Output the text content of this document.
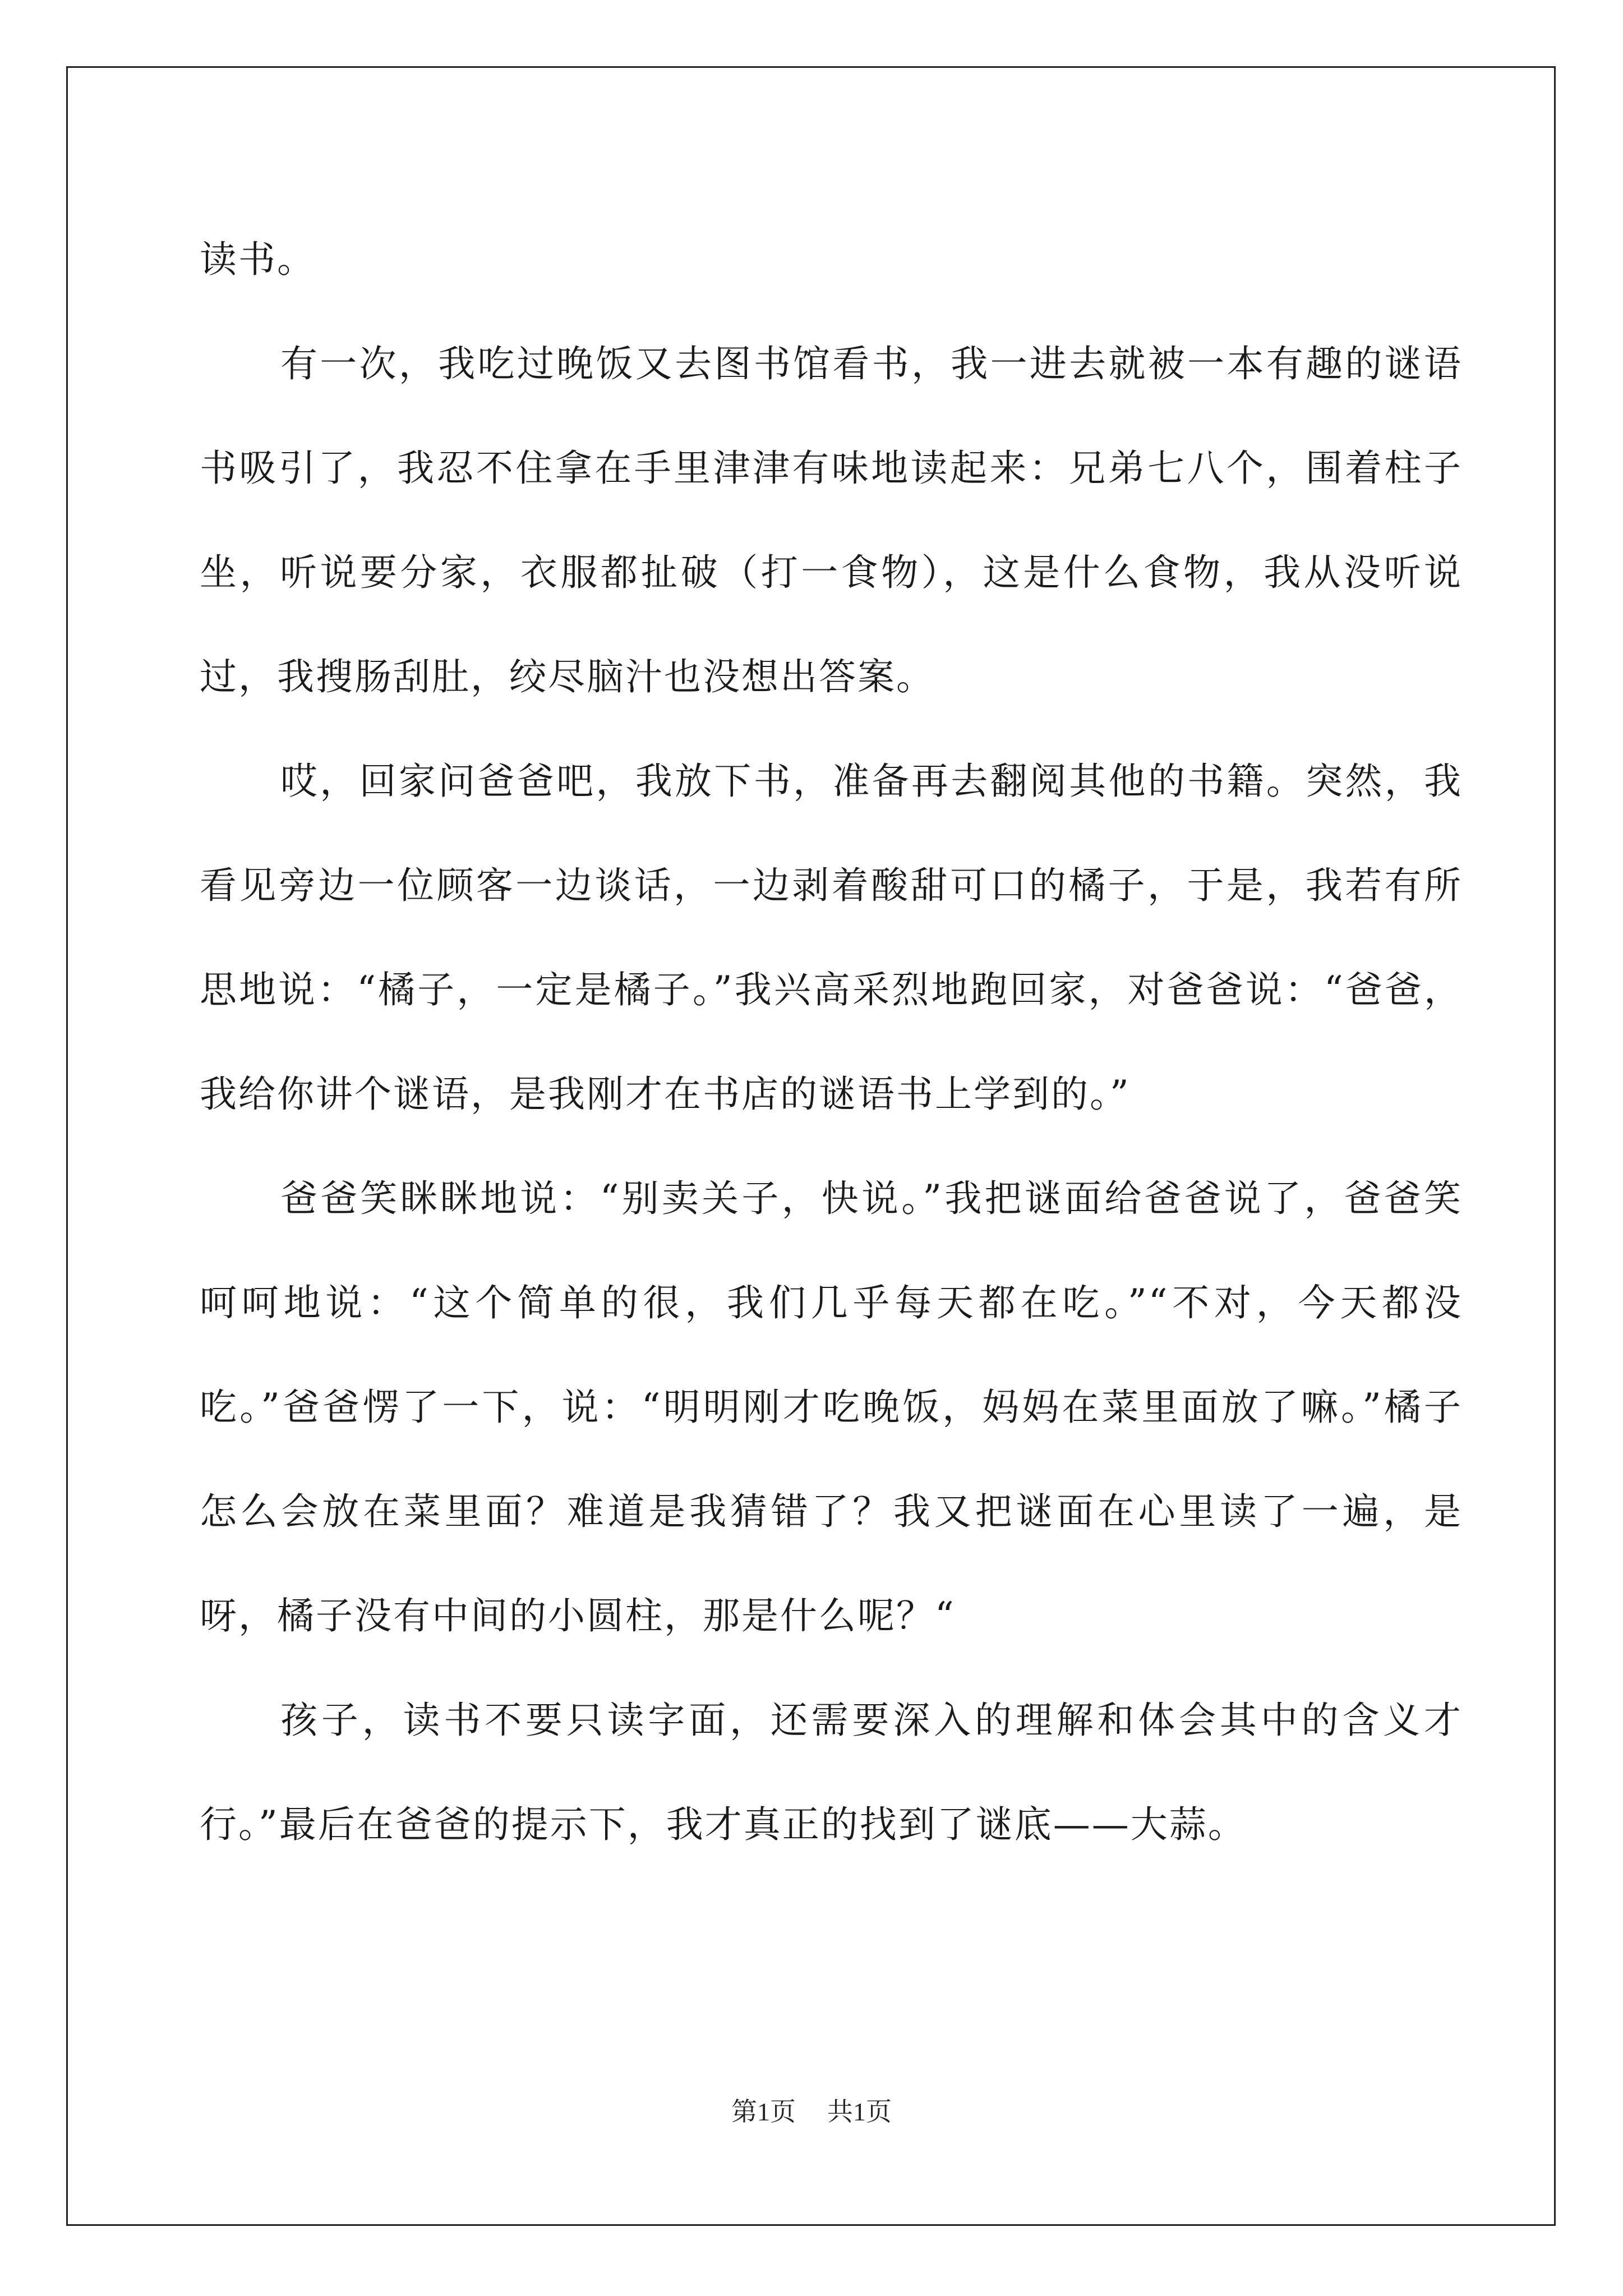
读书。

有一次，我吃过晚饭又去图书馆看书，我一进去就被一本有趣的谜语书吸引了，我忍不住拿在手里津津有味地读起来：兄弟七八个，围着柱子坐，听说要分家，衣服都扯破（打一食物），这是什么食物，我从没听说过，我搜肠刮肚，绞尽脑汁也没想出答案。

哎，回家问爸爸吧，我放下书，准备再去翻阅其他的书籍。突然，我看见旁边一位顾客一边谈话，一边剥着酸甜可口的橘子，于是，我若有所思地说：“橘子，一定是橘子。”我兴高采烈地跑回家，对爸爸说：“爸爸，我给你讲个谜语，是我刚才在书店的谜语书上学到的。”

爸爸笑眯眯地说：“别卖关子，快说。”我把谜面给爸爸说了，爸爸笑呵呵地说：“这个简单的很，我们几乎每天都在吃。”“不对，今天都没吃。”爸爸愣了一下，说：“明明刚才吃晚饭，妈妈在菜里面放了嘛。”橘子怎么会放在菜里面？难道是我猜错了？我又把谜面在心里读了一遍，是呀，橘子没有中间的小圆柱，那是什么呢？“

孩子，读书不要只读字面，还需要深入的理解和体会其中的含义才行。”最后在爸爸的提示下，我才真正的找到了谜底——大蒜。

第1页 共1页
